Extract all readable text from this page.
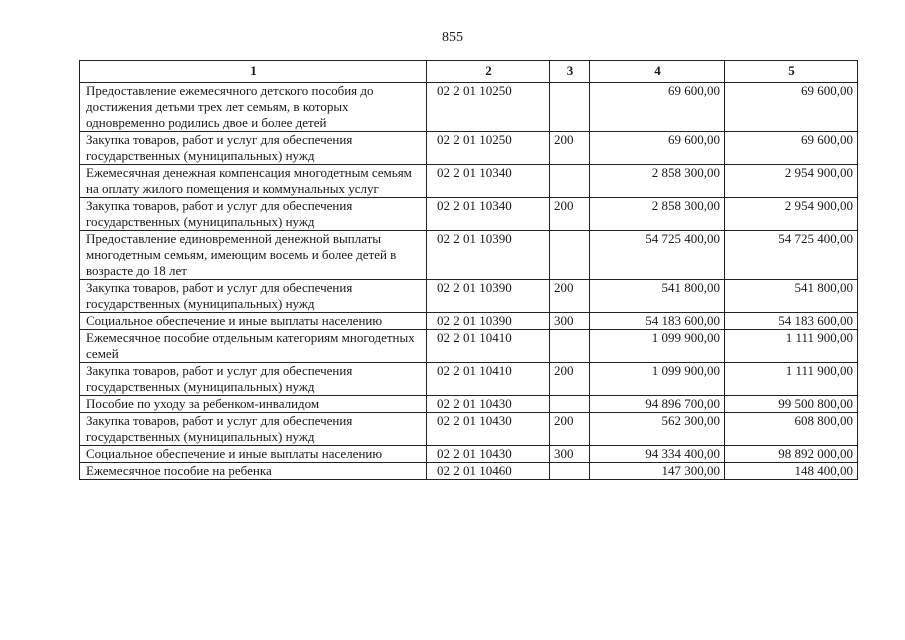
855
1	2	3	4	5
Предоставление ежемесячного детского пособия до достижения детьми трех лет семьям, в которых одновременно родились двое и более детей	02 2 01 10250		69 600,00	69 600,00
Закупка товаров, работ и услуг для обеспечения государственных (муниципальных) нужд	02 2 01 10250	200	69 600,00	69 600,00
Ежемесячная денежная компенсация многодетным семьям на оплату жилого помещения и коммунальных услуг	02 2 01 10340		2 858 300,00	2 954 900,00
Закупка товаров, работ и услуг для обеспечения государственных (муниципальных) нужд	02 2 01 10340	200	2 858 300,00	2 954 900,00
Предоставление единовременной денежной выплаты многодетным семьям, имеющим восемь и более детей в возрасте до 18 лет	02 2 01 10390		54 725 400,00	54 725 400,00
Закупка товаров, работ и услуг для обеспечения государственных (муниципальных) нужд	02 2 01 10390	200	541 800,00	541 800,00
Социальное обеспечение и иные выплаты населению	02 2 01 10390	300	54 183 600,00	54 183 600,00
Ежемесячное пособие отдельным категориям многодетных семей	02 2 01 10410		1 099 900,00	1 111 900,00
Закупка товаров, работ и услуг для обеспечения государственных (муниципальных) нужд	02 2 01 10410	200	1 099 900,00	1 111 900,00
Пособие по уходу за ребенком-инвалидом	02 2 01 10430		94 896 700,00	99 500 800,00
Закупка товаров, работ и услуг для обеспечения государственных (муниципальных) нужд	02 2 01 10430	200	562 300,00	608 800,00
Социальное обеспечение и иные выплаты населению	02 2 01 10430	300	94 334 400,00	98 892 000,00
Ежемесячное пособие на ребенка	02 2 01 10460		147 300,00	148 400,00
